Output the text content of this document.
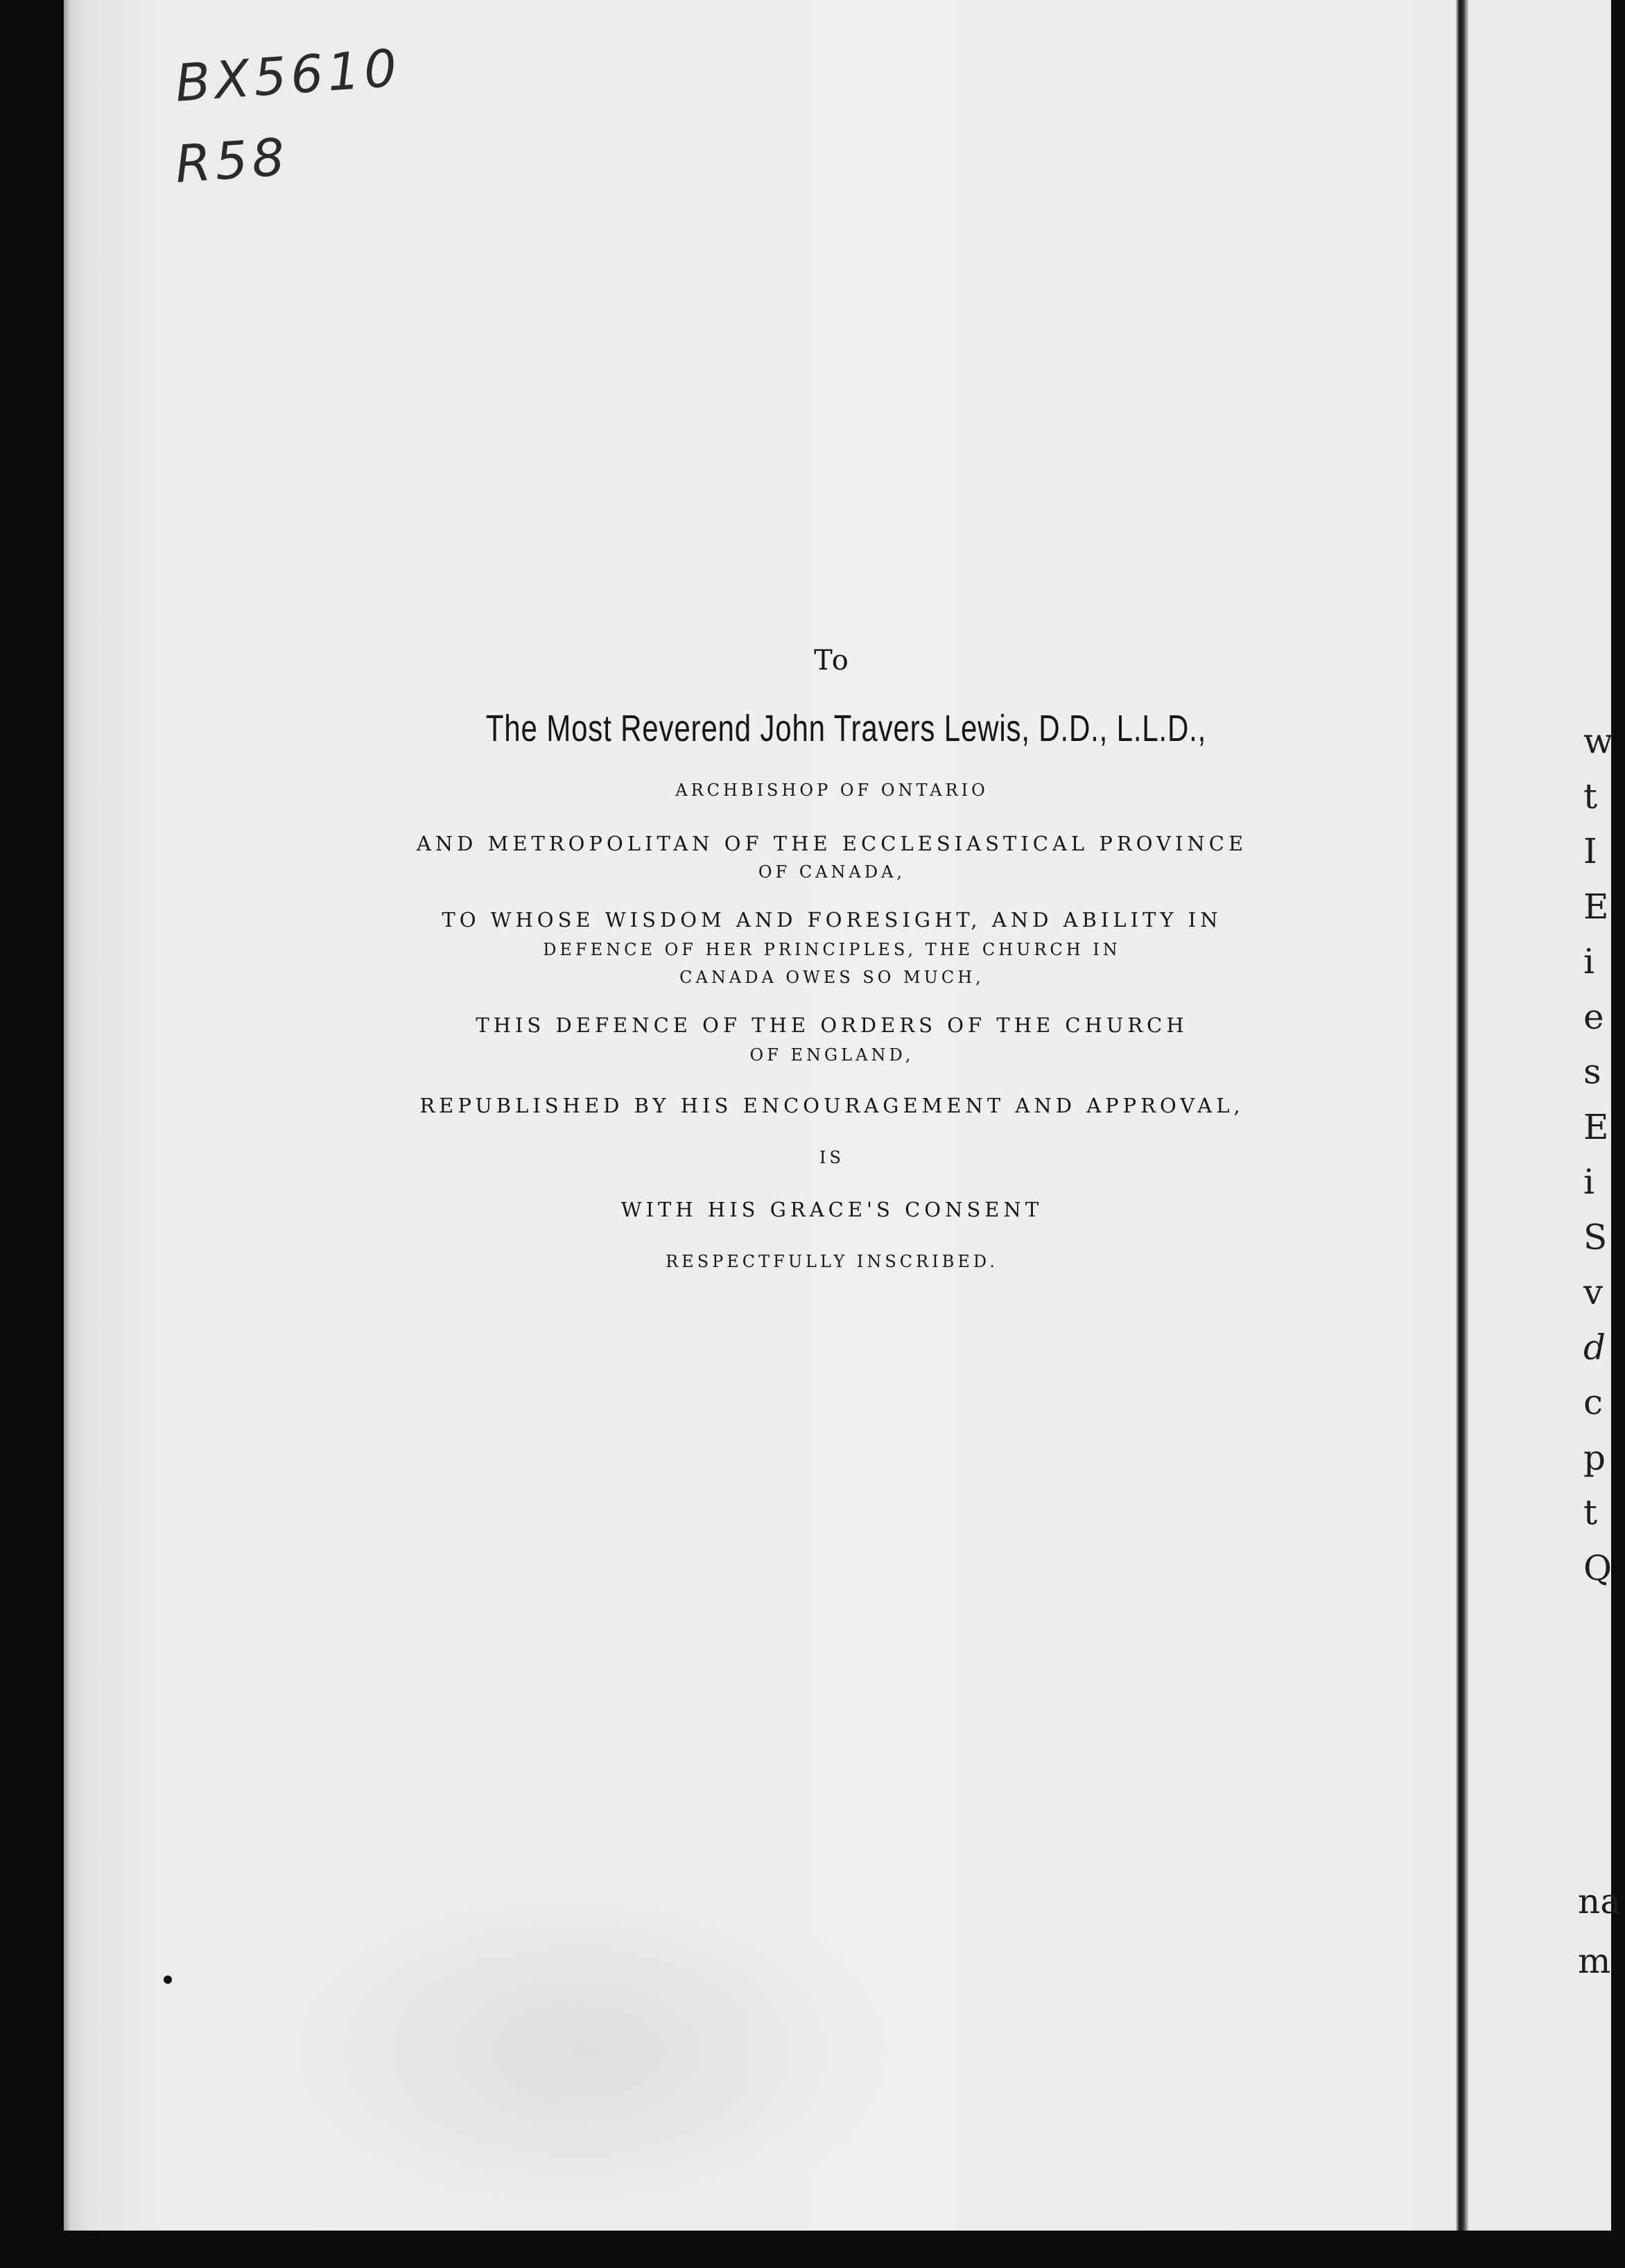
BX5610
R58

To

The Most Reverend John Travers Lewis, D.D., L.L.D.,

ARCHBISHOP OF ONTARIO

AND METROPOLITAN OF THE ECCLESIASTICAL PROVINCE

OF CANADA,

TO WHOSE WISDOM AND FORESIGHT, AND ABILITY IN

DEFENCE OF HER PRINCIPLES, THE CHURCH IN

CANADA OWES SO MUCH,

THIS DEFENCE OF THE ORDERS OF THE CHURCH

OF ENGLAND,

REPUBLISHED BY HIS ENCOURAGEMENT AND APPROVAL,

IS

WITH HIS GRACE'S CONSENT

RESPECTFULLY INSCRIBED.

w
t
I
E
i
e
s
E
i
S
v
d
c
p
t
Q
na
m
